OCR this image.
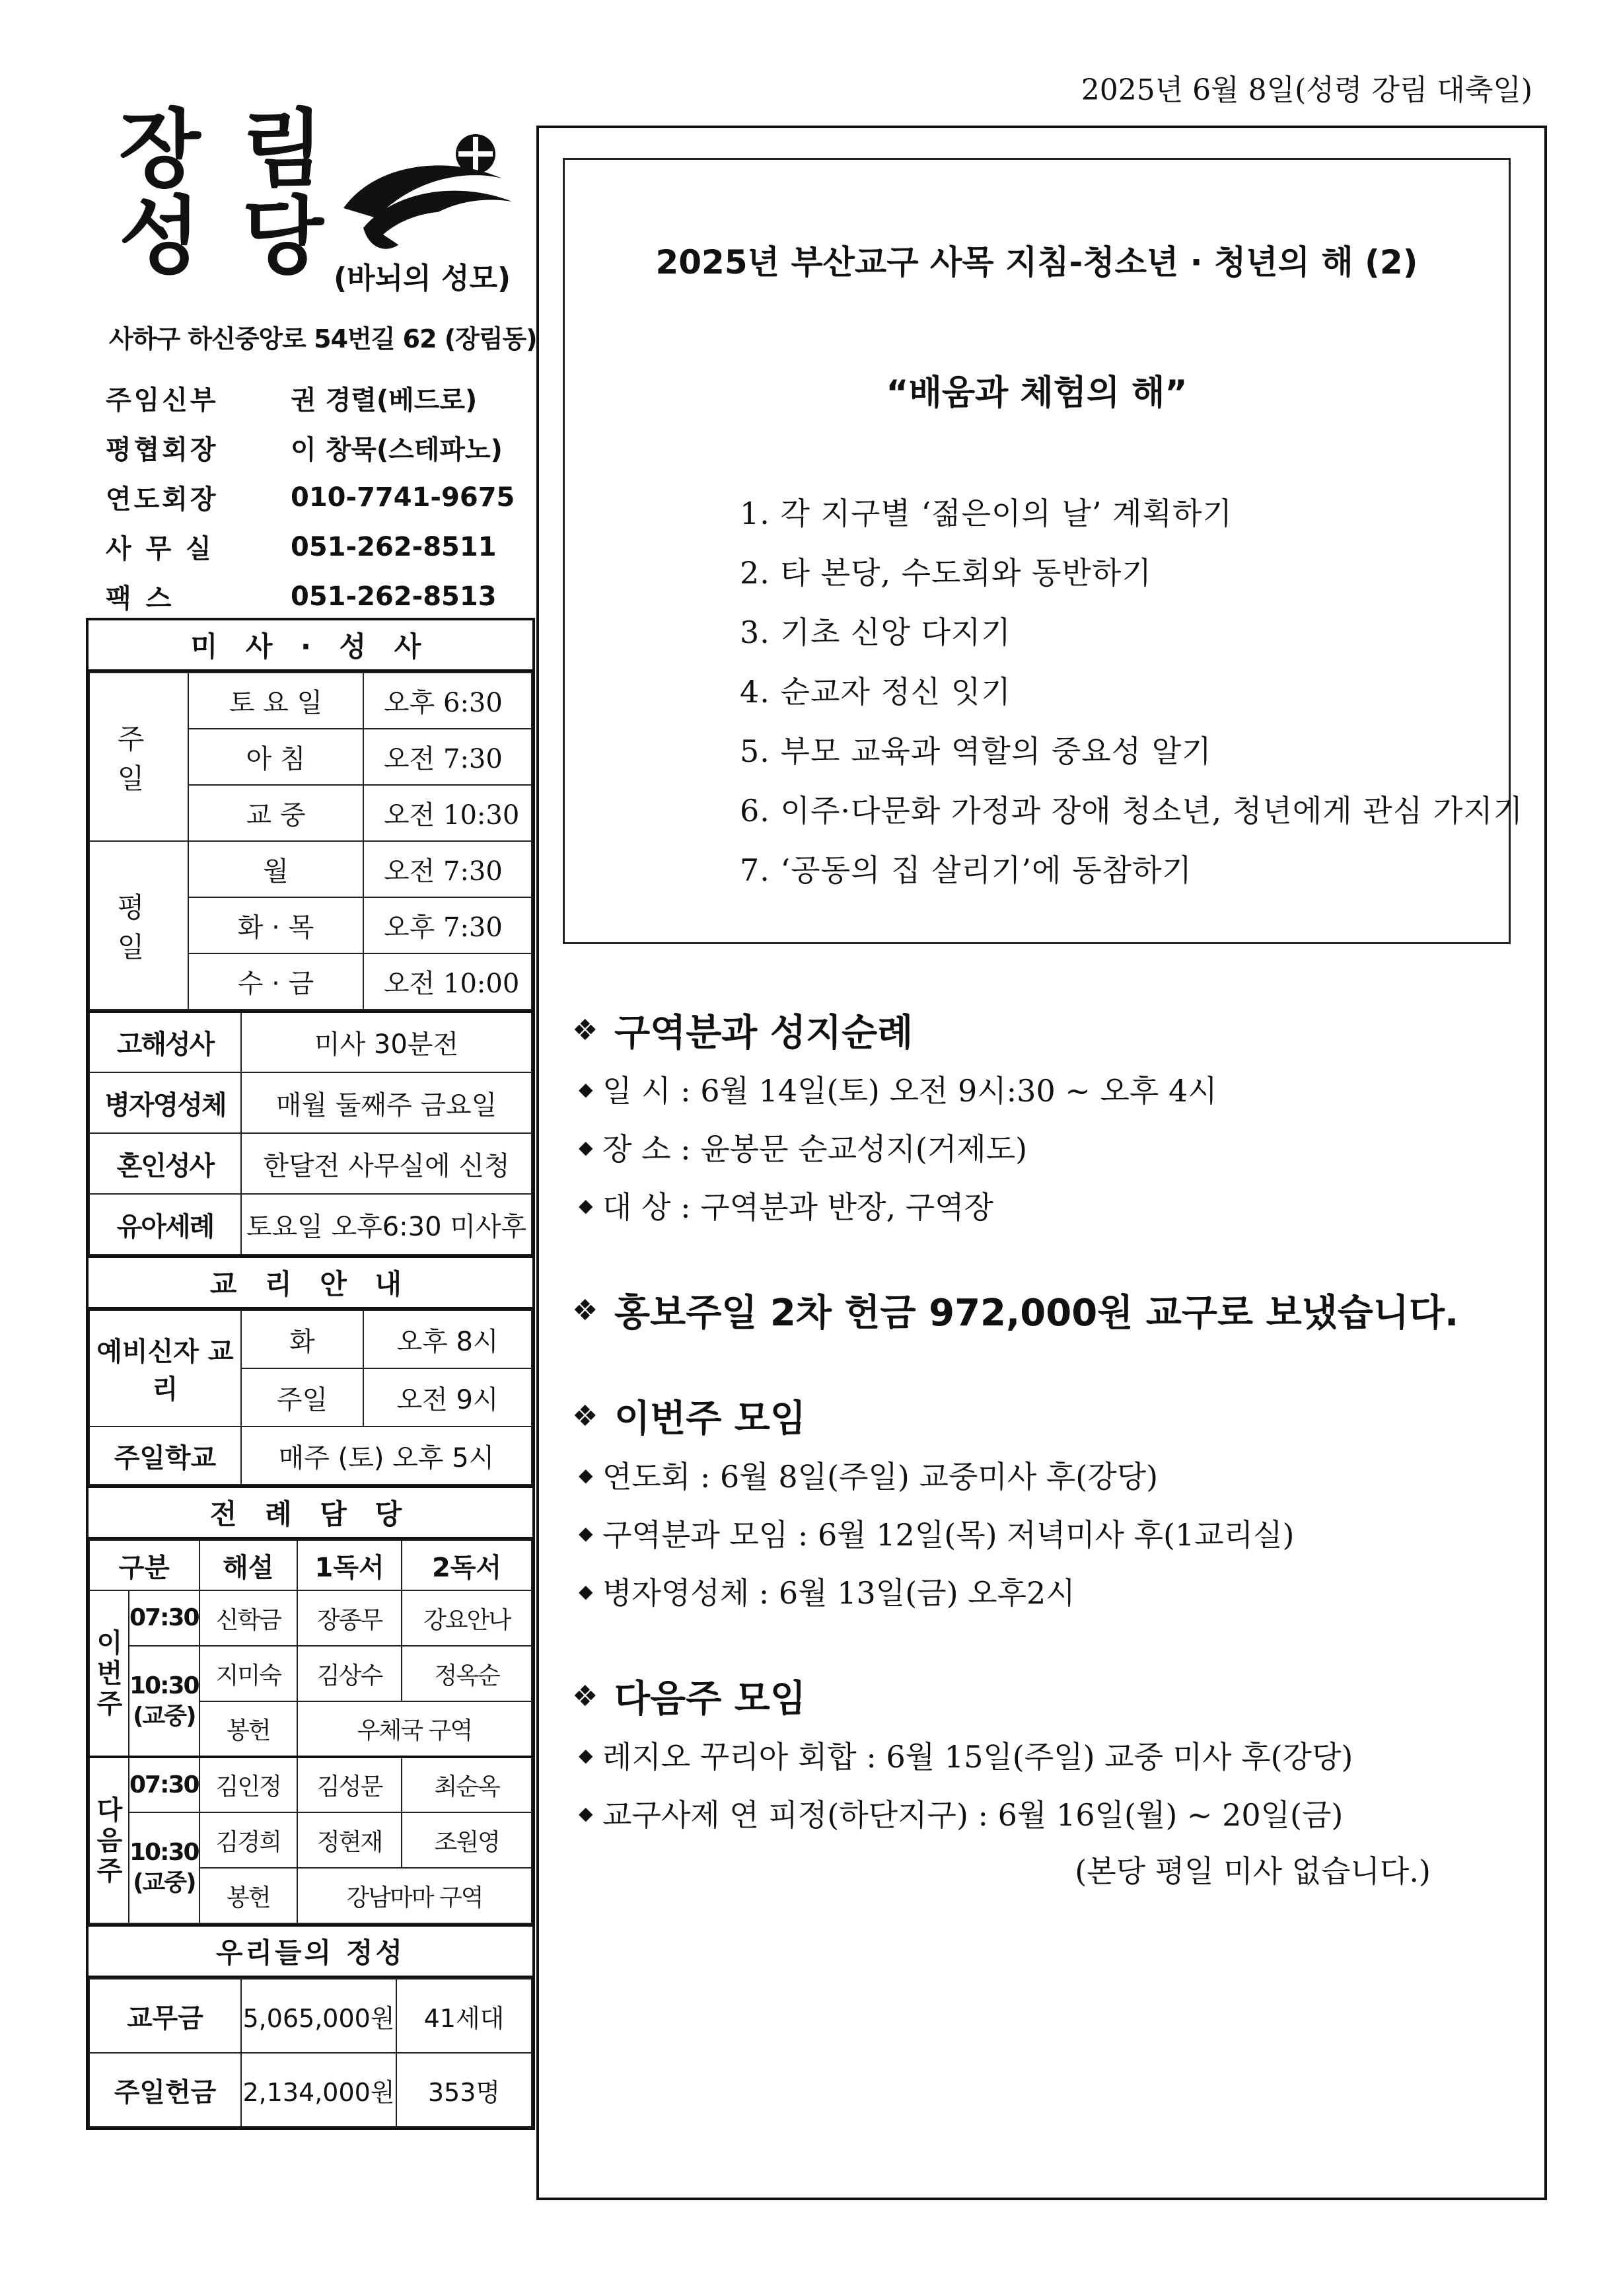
2025년 6월 8일(성령 강림 대축일)
장 림
성 당 (바뇌의 성모)
사하구 하신중앙로 54번길 62 (장림동)
주임신부	권 경렬(베드로)
평협회장	이 창묵(스테파노)
연도회장	010-7741-9675
사 무 실	051-262-8511
팩 스	051-262-8513
미 사 · 성 사
주 일	토 요 일	오후 6:30
	아 침	오전 7:30
	교 중	오전 10:30
평 일	월	오전 7:30
	화 · 목	오후 7:30
	수 · 금	오전 10:00
고해성사	미사 30분전
병자영성체	매월 둘째주 금요일
혼인성사	한달전 사무실에 신청
유아세례	토요일 오후6:30 미사후
교 리 안 내
예비신자 교리	화	오후 8시
	주일	오전 9시
주일학교	매주 (토) 오후 5시	
전 례 담 당
구분		해설	1독서	2독서
이 번 주	07:30	신학금	장종무	강요안나
	10:30 (교중)	지미숙	김상수	정옥순
		봉헌	우체국 구역	
다 음 주	07:30	김인정	김성문	최순옥
	10:30 (교중)	김경희	정현재	조원영
		봉헌	강남마마 구역	
우리들의 정성
교무금	5,065,000원	41세대
주일헌금	2,134,000원	353명
2025년 부산교구 사목 지침-청소년 · 청년의 해 (2)
“배움과 체험의 해”
1. 각 지구별 ‘젊은이의 날’ 계획하기
2. 타 본당, 수도회와 동반하기
3. 기초 신앙 다지기
4. 순교자 정신 잇기
5. 부모 교육과 역할의 중요성 알기
6. 이주·다문화 가정과 장애 청소년, 청년에게 관심 가지기
7. ‘공동의 집 살리기’에 동참하기
❖ 구역분과 성지순례
◆ 일 시 : 6월 14일(토) 오전 9시:30 ~ 오후 4시
◆ 장 소 : 윤봉문 순교성지(거제도)
◆ 대 상 : 구역분과 반장, 구역장
❖ 홍보주일 2차 헌금 972,000원 교구로 보냈습니다.
❖ 이번주 모임
◆ 연도회 : 6월 8일(주일) 교중미사 후(강당)
◆ 구역분과 모임 : 6월 12일(목) 저녁미사 후(1교리실)
◆ 병자영성체 : 6월 13일(금) 오후2시
❖ 다음주 모임
◆ 레지오 꾸리아 회합 : 6월 15일(주일) 교중 미사 후(강당)
◆ 교구사제 연 피정(하단지구) : 6월 16일(월) ~ 20일(금)
(본당 평일 미사 없습니다.)
